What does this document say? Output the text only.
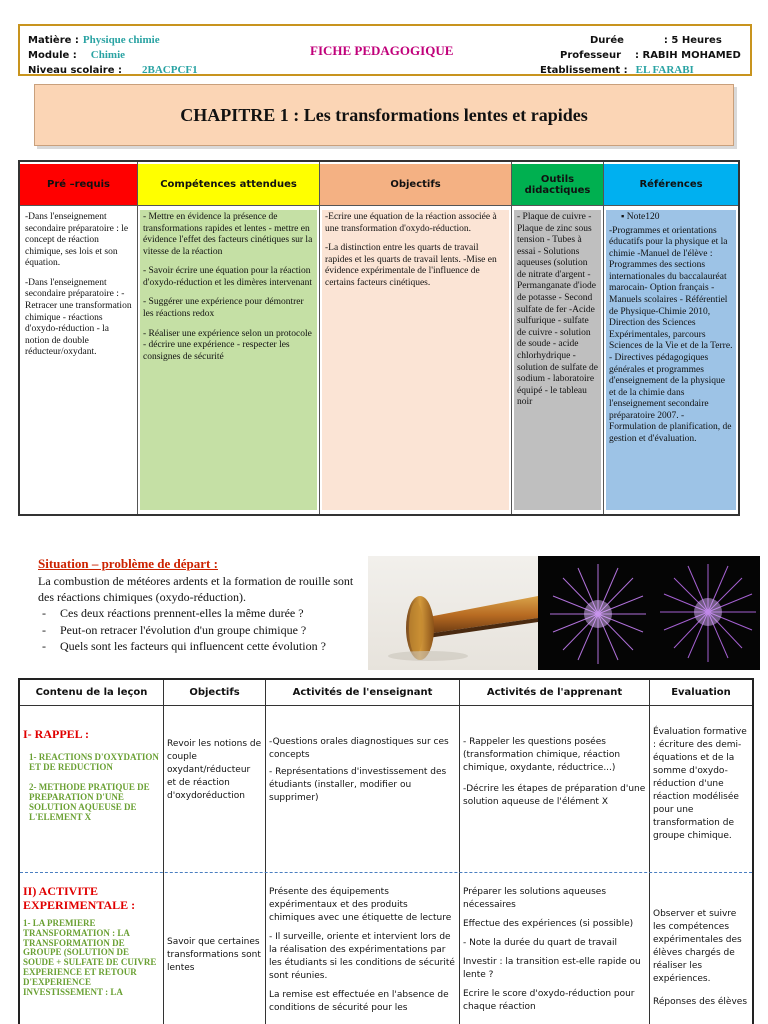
Matière : Physique chimie
Module : Chimie
Niveau scolaire : 2BACPCF1
FICHE PEDAGOGIQUE
Durée	: 5 Heures
Professeur : RABIH MOHAMED
Etablissement : EL FARABI
CHAPITRE 1 : Les transformations lentes et rapides
Pré –requis

-Dans l'enseignement secondaire préparatoire : le concept de réaction chimique, ses lois et son équation.

-Dans l'enseignement secondaire préparatoire : -Retracer une transformation chimique - réactions d'oxydo-réduction - la notion de double réducteur/oxydant.

Compétences attendues

- Mettre en évidence la présence de transformations rapides et lentes - mettre en évidence l'effet des facteurs cinétiques sur la vitesse de la réaction

- Savoir écrire une équation pour la réaction d'oxydo-réduction et les dimères intervenant

- Suggérer une expérience pour démontrer les réactions redox

- Réaliser une expérience selon un protocole - décrire une expérience - respecter les consignes de sécurité

Objectifs

-Ecrire une équation de la réaction associée à une transformation d'oxydo-réduction.

-La distinction entre les quarts de travail rapides et les quarts de travail lents. -Mise en évidence expérimentale de l'influence de certains facteurs cinétiques.

Outils didactiques

- Plaque de cuivre - Plaque de zinc sous tension - Tubes à essai - Solutions aqueuses (solution de nitrate d'argent - Permanganate d'iode de potasse - Second sulfate de fer -Acide sulfurique - sulfate de cuivre - solution de soude - acide chlorhydrique - solution de sulfate de sodium - laboratoire équipé - le tableau noir

Références

▪ Note120

-Programmes et orientations éducatifs pour la physique et la chimie -Manuel de l'élève : Programmes des sections internationales du baccalauréat marocain- Option français -Manuels scolaires - Référentiel de Physique-Chimie 2010, Direction des Sciences Expérimentales, parcours Sciences de la Vie et de la Terre. - Directives pédagogiques générales et programmes d'enseignement de la physique et de la chimie dans l'enseignement secondaire préparatoire 2007. - Formulation de planification, de gestion et d'évaluation.

Situation – problème de départ :
La combustion de météores ardents et la formation de rouille sont des réactions chimiques (oxydo-réduction).
- Ces deux réactions prennent-elles la même durée ?
- Peut-on retracer l'évolution d'un groupe chimique ?
- Quels sont les facteurs qui influencent cette évolution ?
Contenu de la leçon
I- RAPPEL :
1- REACTIONS D'OXYDATION ET DE REDUCTION
2- METHODE PRATIQUE DE PREPARATION D'UNE SOLUTION AQUEUSE DE L'ELEMENT X
II) ACTIVITE EXPERIMENTALE :
1- LA PREMIERE TRANSFORMATION : LA TRANSFORMATION DE GROUPE (SOLUTION DE SOUDE + SULFATE DE CUIVRE EXPERIENCE ET RETOUR D'EXPERIENCE INVESTISSEMENT : LA
Objectifs
Revoir les notions de couple oxydant/réducteur et de réaction d'oxydoréduction
Savoir que certaines transformations sont lentes
Activités de l'enseignant

-Questions orales diagnostiques sur ces concepts

- Représentations d'investissement des étudiants (installer, modifier ou supprimer)

Présente des équipements expérimentaux et des produits chimiques avec une étiquette de lecture

- Il surveille, oriente et intervient lors de la réalisation des expérimentations par les étudiants si les conditions de sécurité sont réunies.

La remise est effectuée en l'absence de conditions de sécurité pour les

Activités de l'apprenant

- Rappeler les questions posées (transformation chimique, réaction chimique, oxydante, réductrice...)

-Décrire les étapes de préparation d'une solution aqueuse de l'élément X

Préparer les solutions aqueuses nécessaires

Effectue des expériences (si possible)

- Note la durée du quart de travail

Investir : la transition est-elle rapide ou lente ?

Ecrire le score d'oxydo-réduction pour chaque réaction

Evaluation
Évaluation formative : écriture des demi-équations et de la somme d'oxydo-réduction d'une réaction modélisée pour une transformation de groupe chimique.

Observer et suivre les compétences expérimentales des élèves chargés de réaliser les expériences.

Réponses des élèves
